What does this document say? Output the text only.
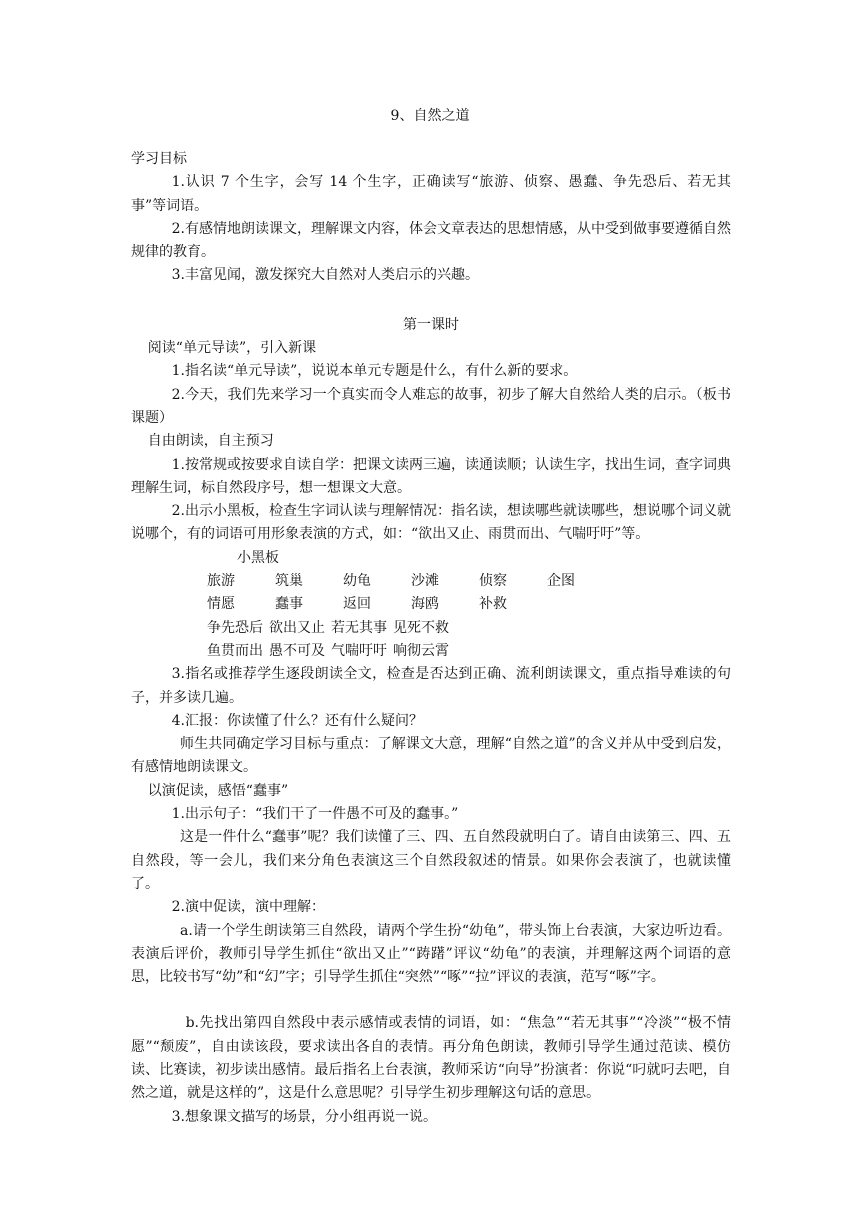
9、自然之道

学习目标

1.认识 7 个生字，会写 14 个生字，正确读写“旅游、侦察、愚蠢、争先恐后、若无其事”等词语。

2.有感情地朗读课文，理解课文内容，体会文章表达的思想情感，从中受到做事要遵循自然规律的教育。

3.丰富见闻，激发探究大自然对人类启示的兴趣。

第一课时

阅读“单元导读”，引入新课

1.指名读“单元导读”，说说本单元专题是什么，有什么新的要求。

2.今天，我们先来学习一个真实而令人难忘的故事，初步了解大自然给人类的启示。（板书课题）

自由朗读，自主预习

1.按常规或按要求自读自学：把课文读两三遍，读通读顺；认读生字，找出生词，查字词典理解生词，标自然段序号，想一想课文大意。

2.出示小黑板，检查生字词认读与理解情况：指名读，想读哪些就读哪些，想说哪个词义就说哪个，有的词语可用形象表演的方式，如：“欲出又止、雨贯而出、气喘吁吁”等。

小黑板

旅游	筑巢	幼龟	沙滩	侦察	企图

情愿	蠢事	返回	海鸥	补救

争先恐后 欲出又止 若无其事 见死不救

鱼贯而出 愚不可及 气喘吁吁 响彻云霄

3.指名或推荐学生逐段朗读全文，检查是否达到正确、流利朗读课文，重点指导难读的句子，并多读几遍。

4.汇报：你读懂了什么？还有什么疑问？

师生共同确定学习目标与重点：了解课文大意，理解“自然之道”的含义并从中受到启发，有感情地朗读课文。

以演促读，感悟“蠢事”

1.出示句子：“我们干了一件愚不可及的蠢事。”

这是一件什么“蠢事”呢？我们读懂了三、四、五自然段就明白了。请自由读第三、四、五自然段，等一会儿，我们来分角色表演这三个自然段叙述的情景。如果你会表演了，也就读懂了。

2.演中促读，演中理解：

a.请一个学生朗读第三自然段，请两个学生扮“幼龟”，带头饰上台表演，大家边听边看。表演后评价，教师引导学生抓住“欲出又止”“踌躇”评议“幼龟”的表演，并理解这两个词语的意思，比较书写“幼”和“幻”字；引导学生抓住“突然”“啄”“拉”评议的表演，范写“啄”字。

b.先找出第四自然段中表示感情或表情的词语，如：“焦急”“若无其事”“冷淡”“极不情愿”“颓废”，自由读该段，要求读出各自的表情。再分角色朗读，教师引导学生通过范读、模仿读、比赛读，初步读出感情。最后指名上台表演，教师采访“向导”扮演者：你说“叼就叼去吧，自然之道，就是这样的”，这是什么意思呢？引导学生初步理解这句话的意思。

3.想象课文描写的场景，分小组再说一说。
